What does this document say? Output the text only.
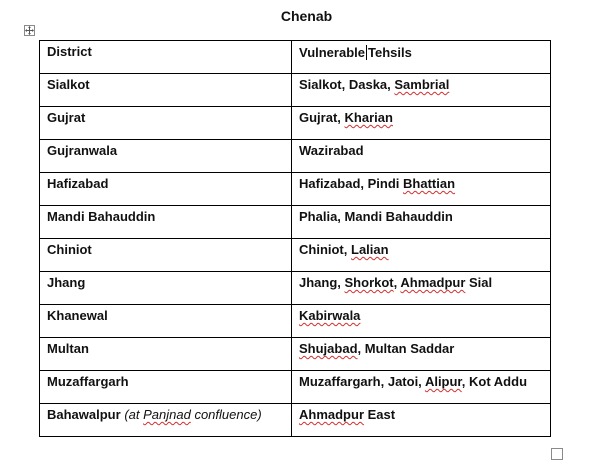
Chenab
District	Vulnerable Tehsils
Sialkot	Sialkot, Daska, Sambrial
Gujrat	Gujrat, Kharian
Gujranwala	Wazirabad
Hafizabad	Hafizabad, Pindi Bhattian
Mandi Bahauddin	Phalia, Mandi Bahauddin
Chiniot	Chiniot, Lalian
Jhang	Jhang, Shorkot, Ahmadpur Sial
Khanewal	Kabirwala
Multan	Shujabad, Multan Saddar
Muzaffargarh	Muzaffargarh, Jatoi, Alipur, Kot Addu
Bahawalpur (at Panjnad confluence)	Ahmadpur East
